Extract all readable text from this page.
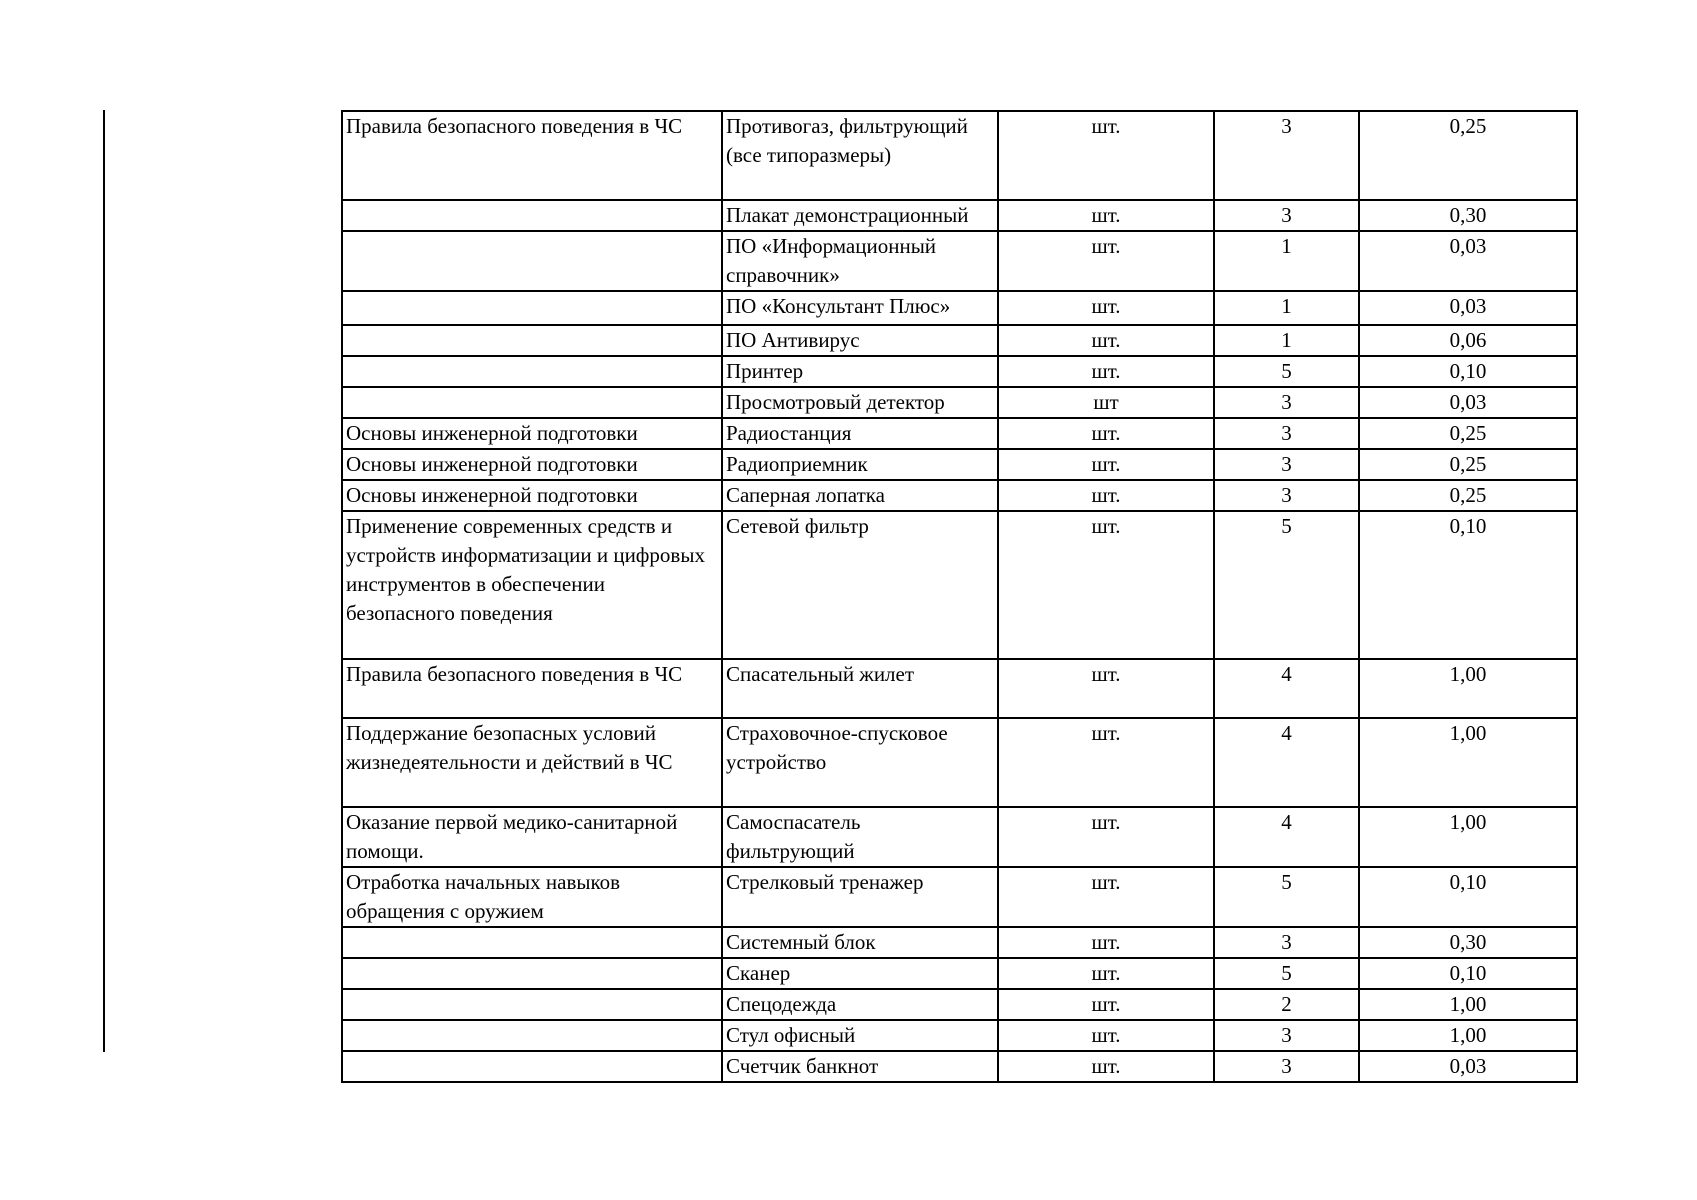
Правила безопасного поведения в ЧС	Противогаз, фильтрующий (все типоразмеры)	шт.	3	0,25
	Плакат демонстрационный	шт.	3	0,30
	ПО «Информационный справочник»	шт.	1	0,03
	ПО «Консультант Плюс»	шт.	1	0,03
	ПО Антивирус	шт.	1	0,06
	Принтер	шт.	5	0,10
	Просмотровый детектор	шт	3	0,03
Основы инженерной подготовки	Радиостанция	шт.	3	0,25
Основы инженерной подготовки	Радиоприемник	шт.	3	0,25
Основы инженерной подготовки	Саперная лопатка	шт.	3	0,25
Применение современных средств и устройств информатизации и цифровых инструментов в обеспечении безопасного поведения	Сетевой фильтр	шт.	5	0,10
Правила безопасного поведения в ЧС	Спасательный жилет	шт.	4	1,00
Поддержание безопасных условий жизнедеятельности и действий в ЧС	Страховочное-спусковое устройство	шт.	4	1,00
Оказание первой медико-санитарной помощи.	Самоспасатель фильтрующий	шт.	4	1,00
Отработка начальных навыков обращения с оружием	Стрелковый тренажер	шт.	5	0,10
	Системный блок	шт.	3	0,30
	Сканер	шт.	5	0,10
	Спецодежда	шт.	2	1,00
	Стул офисный	шт.	3	1,00
	Счетчик банкнот	шт.	3	0,03
